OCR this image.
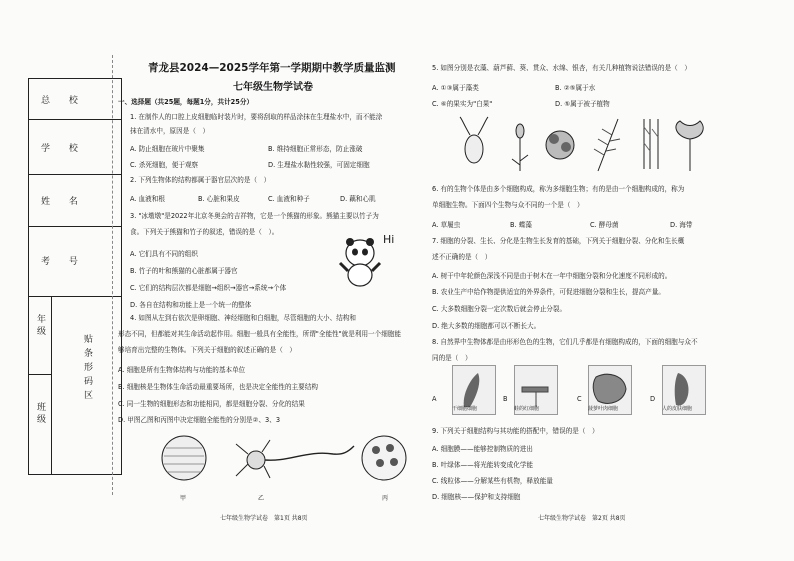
总 校
学 校
姓 名
考 号
年级
班级
贴条形码区
青龙县2024—2025学年第一学期期中教学质量监测
七年级生物学试卷
一、选择题（共25题，每题1分，共计25分）
1. 在制作人的口腔上皮细胞临时装片时，要将刮取的样品涂抹在生理盐水中，而不能涂
抹在清水中，原因是（　）
A. 防止细胞在玻片中聚集	B. 维持细胞正常形态，防止涨破
C. 杀死细胞，便于观察	D. 生理盐水黏性较强，可固定细胞
2. 下列生物体的结构都属于器官层次的是（　）
A. 血液和根	B. 心脏和果皮	C. 血液和种子	D. 藕和心肌
3. "冰墩墩"是2022年北京冬奥会的吉祥物，它是一个熊猫的形象。熊猫主要以竹子为
食。下列关于熊猫和竹子的叙述，错误的是（　）。
A. 它们具有不同的组织
B. 竹子的叶和熊猫的心脏都属于器官
C. 它们的结构层次都是细胞→组织→器官→系统→个体
D. 各自在结构和功能上是一个统一的整体
Hi
4. 如图从左到右依次是卵细胞、神经细胞和白细胞，尽管细胞的大小、结构和
形态不同，但都能对其生命活动起作用。细胞一般具有全能性，所谓"全能性"就是利用一个细胞能
够培育出完整的生物体。下列关于细胞的叙述正确的是（　）
A. 细胞是所有生物体结构与功能的基本单位
B. 细胞核是生物体生命活动最重要场所，也是决定全能性的主要结构
C. 同一生物的细胞形态和功能相同，都是细胞分裂、分化的结果
D. 甲图乙图和丙图中决定细胞全能性的分别是②、3、3
甲	乙	丙
七年级生物学试卷　第1页 共8页
5. 如图分别是衣藻、葫芦藓、葵、贯众、水绵、银杏，有关几种植物说法错误的是（　）
A. ①③属于藻类	B. ②⑤属于水
C. ⑥的果实为"白果"	D. ⑤属于被子植物
6. 有的生物个体是由多个细胞构成，称为多细胞生物；有的是由一个细胞构成的，称为
单细胞生物。下面四个生物与众不同的一个是（　）
A. 草履虫	B. 蝶藻	C. 酵母菌	D. 海带
7. 细胞的分裂、生长、分化是生物生长发育的基础，下列关于细胞分裂、分化和生长概
述不正确的是（　）
A. 树干中年轮颜色深浅不同是由于树木在一年中细胞分裂和分化速度不同形成的。
B. 农业生产中给作物提供适宜的外界条件，可促进细胞分裂和生长，提高产量。
C. 大多数细胞分裂一定次数后就会停止分裂。
D. 绝大多数的细胞都可以不断长大。
8. 自然界中生物体都是由形形色色的生物，它们几乎都是有细胞构成的，下面的细胞与众不
同的是（　）
A
干细胞细胞
B
蛙的红细胞
C
菠萝叶肉细胞
D
人的皮肤细胞
9. 下列关于细胞结构与其功能的搭配中，错误的是（　）
A. 细胞膜——能够控制物质的进出
B. 叶绿体——将光能转变成化学能
C. 线粒体——分解某些有机物，释放能量
D. 细胞核——保护和支持细胞
七年级生物学试卷　第2页 共8页
